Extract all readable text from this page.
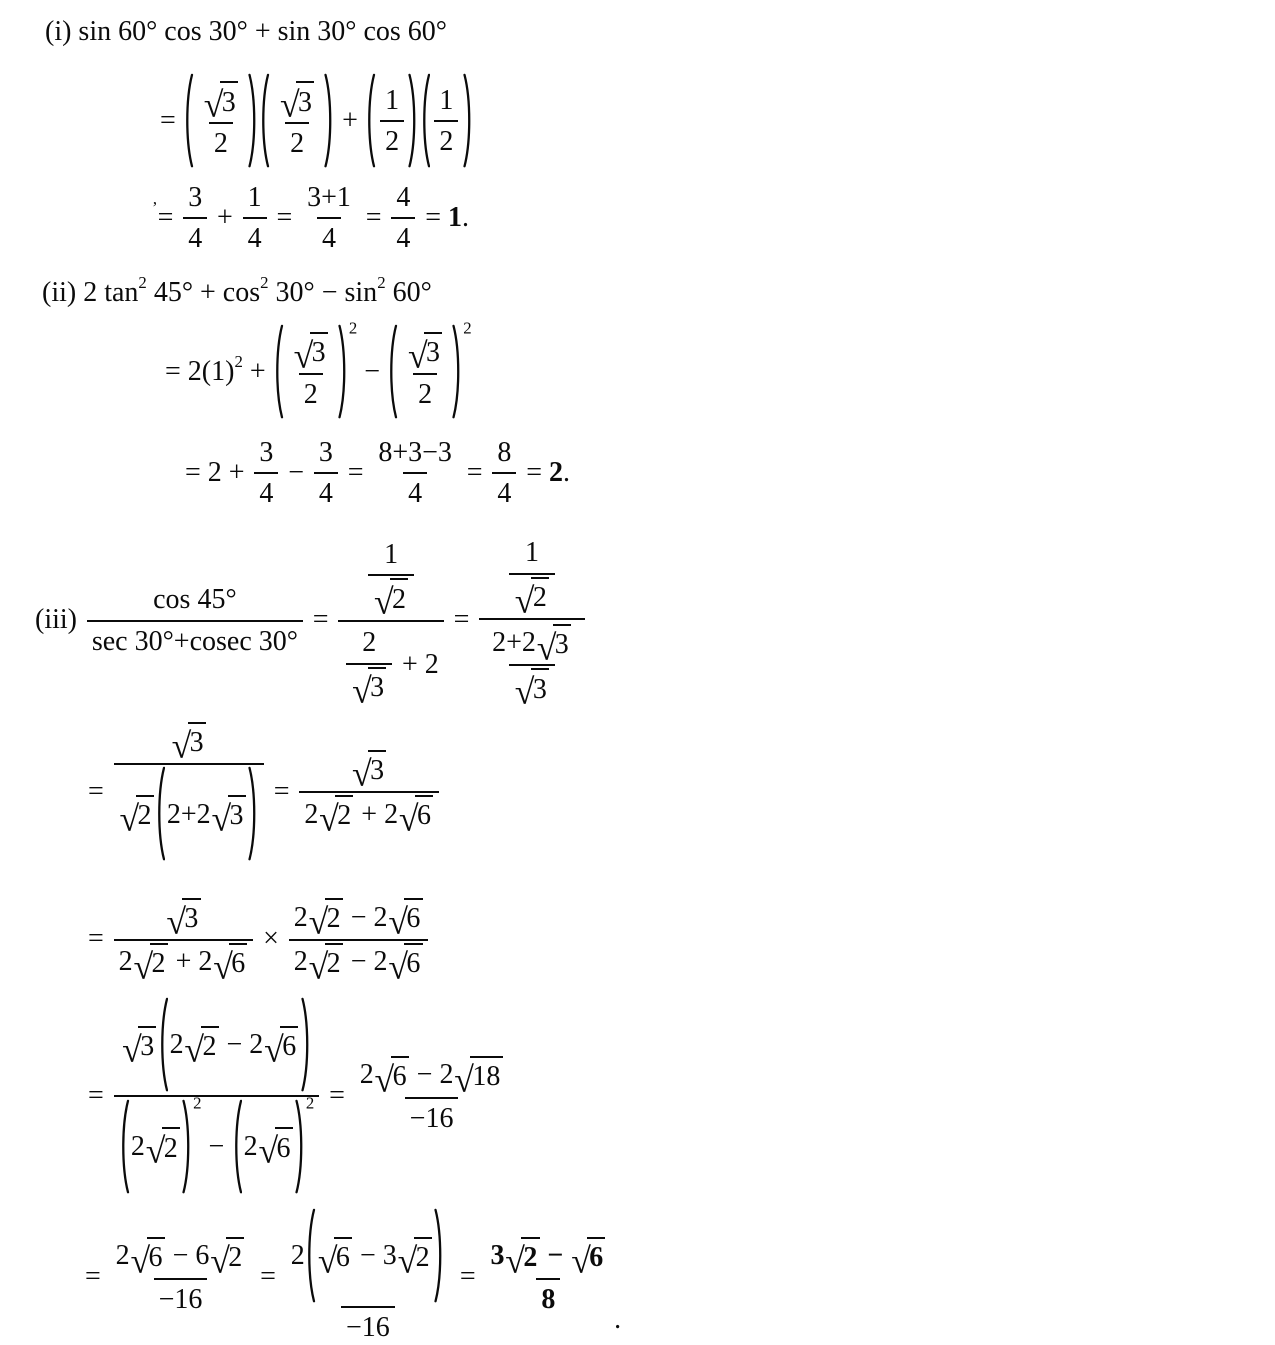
(i) sin 60° cos 30° + sin 30° cos 60°
= √
3
2 √
3
$2 + \frac{1}{2} \frac{1}{2}$
’ = $\frac{3}{4} + \frac{1}{4} = \frac{3+1}{4} = \frac{4}{4} = 1$ .
(ii) 2 tan 2 45° + cos 2 30° − sin 2 60°
= 2(1) 2 + √
3
2
2
− √
3
2
2
= $2 + \frac{3}{4} - \frac{3}{4} = \frac{8+3-3}{4} = \frac{8}{4} = 2$ .
$(iii) \frac{\cos 45^\circ}{\sec 30^\circ+cosec 30^\circ} = 1$
√
2
2
√
3 + 2 = 1
√
2
2+2 √
3
√
3
= √
3
√
2 2+2 √
3 = √
3
2 √
2 + 2 √
6
= √
3
2 √
2 + 2 √
6 × 2 √
2 − 2 √
6
2 √
2 − 2 √
6
= √
3 2 √
2 − 2 √
6
2 √
2
2
− 2 √
6
2 = 2 √
6 − 2 √
18
−16
= 2 √
6 − 6 √
2
−16 = 2 √
6 − 3 √
2
−16 = 3 √
2 − √
6
8
.
